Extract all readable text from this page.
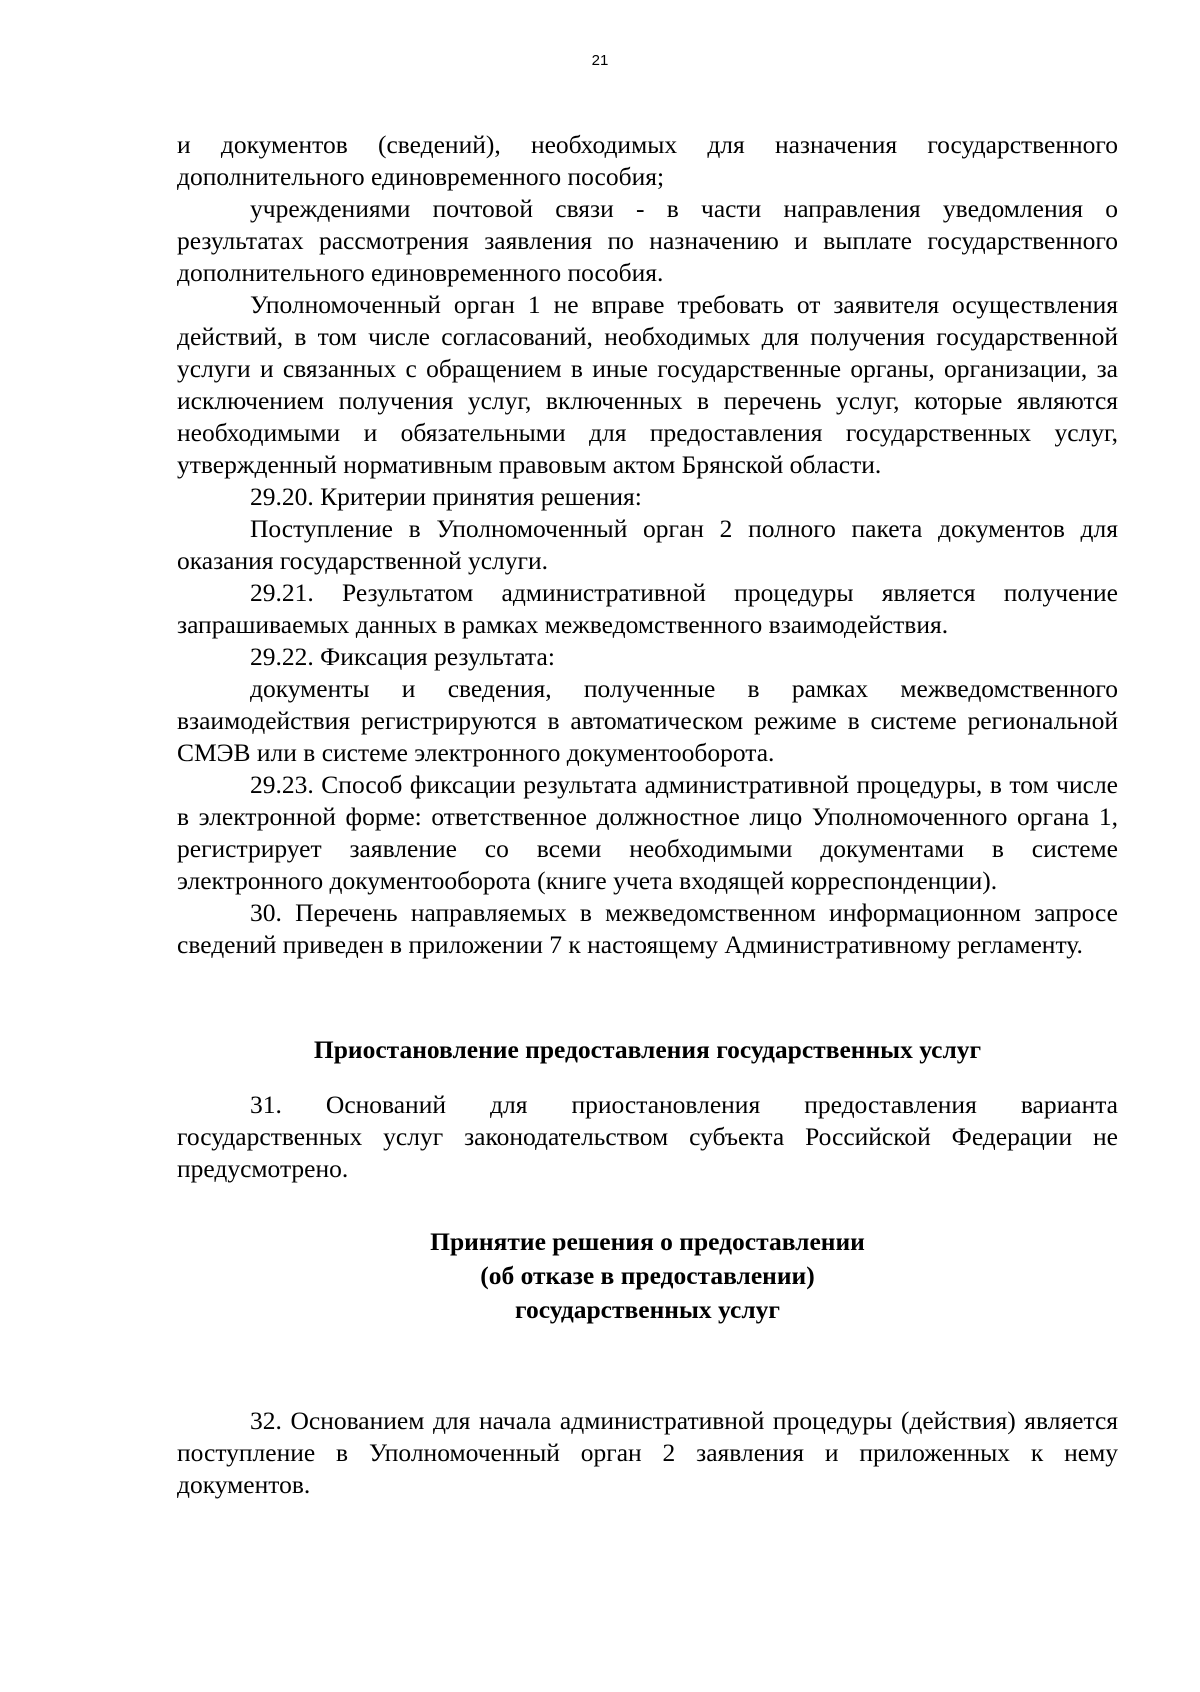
21

и документов (сведений), необходимых для назначения государственного дополнительного единовременного пособия;

учреждениями почтовой связи - в части направления уведомления о результатах рассмотрения заявления по назначению и выплате государственного дополнительного единовременного пособия.

Уполномоченный орган 1 не вправе требовать от заявителя осуществления действий, в том числе согласований, необходимых для получения государственной услуги и связанных с обращением в иные государственные органы, организации, за исключением получения услуг, включенных в перечень услуг, которые являются необходимыми и обязательными для предоставления государственных услуг, утвержденный нормативным правовым актом Брянской области.

29.20. Критерии принятия решения:

Поступление в Уполномоченный орган 2 полного пакета документов для оказания государственной услуги.

29.21. Результатом административной процедуры является получение запрашиваемых данных в рамках межведомственного взаимодействия.

29.22. Фиксация результата:

документы и сведения, полученные в рамках межведомственного взаимодействия регистрируются в автоматическом режиме в системе региональной СМЭВ или в системе электронного документооборота.

29.23. Способ фиксации результата административной процедуры, в том числе в электронной форме: ответственное должностное лицо Уполномоченного органа 1, регистрирует заявление со всеми необходимыми документами в системе электронного документооборота (книге учета входящей корреспонденции).

30. Перечень направляемых в межведомственном информационном запросе сведений приведен в приложении 7 к настоящему Административному регламенту.

Приостановление предоставления государственных услуг

31. Оснований для приостановления предоставления варианта государственных услуг законодательством субъекта Российской Федерации не предусмотрено.

Принятие решения о предоставлении
(об отказе в предоставлении)
государственных услуг

32. Основанием для начала административной процедуры (действия) является поступление в Уполномоченный орган 2 заявления и приложенных к нему документов.
